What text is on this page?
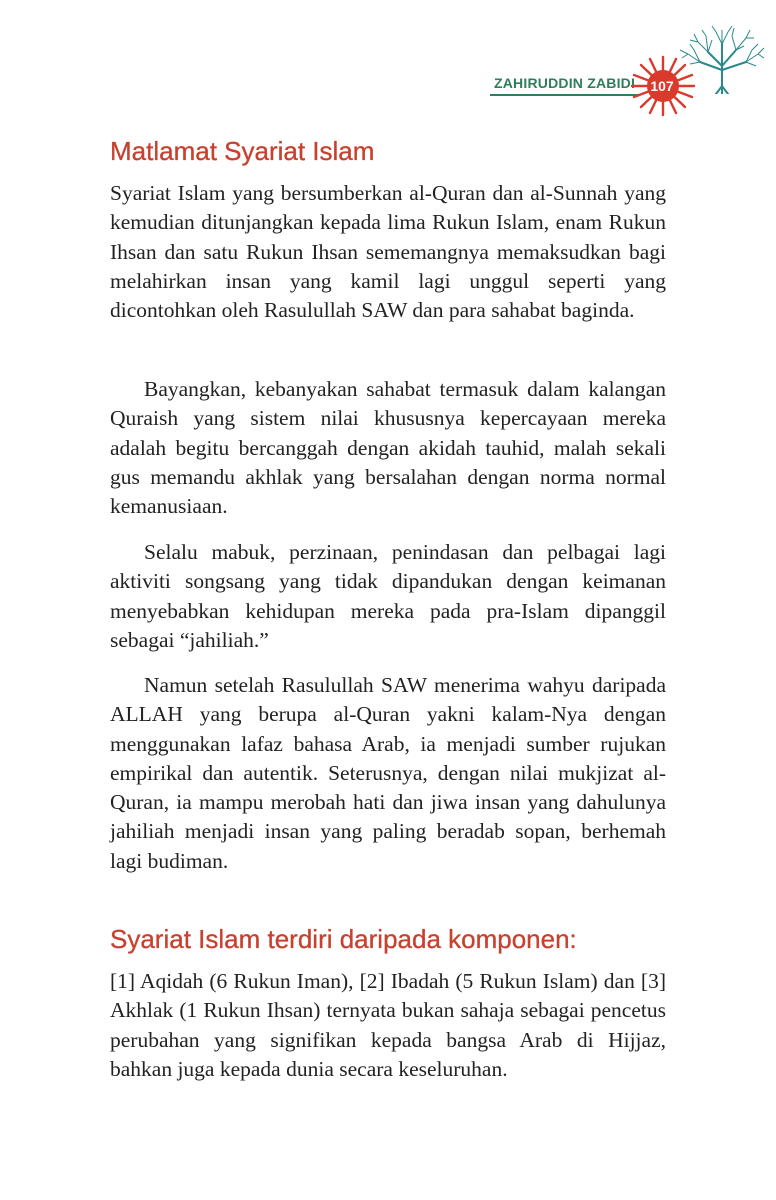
ZAHIRUDDIN ZABIDI	107
Matlamat Syariat Islam

Syariat Islam yang bersumberkan al-Quran dan al-Sunnah yang kemudian ditunjangkan kepada lima Rukun Islam, enam Rukun Ihsan dan satu Rukun Ihsan sememangnya memaksudkan bagi melahirkan insan yang kamil lagi unggul seperti yang dicontohkan oleh Rasulullah SAW dan para sahabat baginda.

Bayangkan, kebanyakan sahabat termasuk dalam kalangan Quraish yang sistem nilai khususnya kepercayaan mereka adalah begitu bercanggah dengan akidah tauhid, malah sekali gus memandu akhlak yang bersalahan dengan norma normal kemanusiaan.

Selalu mabuk, perzinaan, penindasan dan pelbagai lagi aktiviti songsang yang tidak dipandukan dengan keimanan menyebabkan kehidupan mereka pada pra-Islam dipanggil sebagai “jahiliah.”

Namun setelah Rasulullah SAW menerima wahyu daripada ALLAH yang berupa al-Quran yakni kalam-Nya dengan menggunakan lafaz bahasa Arab, ia menjadi sumber rujukan empirikal dan autentik. Seterusnya, dengan nilai mukjizat al-Quran, ia mampu merobah hati dan jiwa insan yang dahulunya jahiliah menjadi insan yang paling beradab sopan, berhemah lagi budiman.

Syariat Islam terdiri daripada komponen:

[1] Aqidah (6 Rukun Iman), [2] Ibadah (5 Rukun Islam) dan [3] Akhlak (1 Rukun Ihsan) ternyata bukan sahaja sebagai pencetus perubahan yang signifikan kepada bangsa Arab di Hijjaz, bahkan juga kepada dunia secara keseluruhan.
